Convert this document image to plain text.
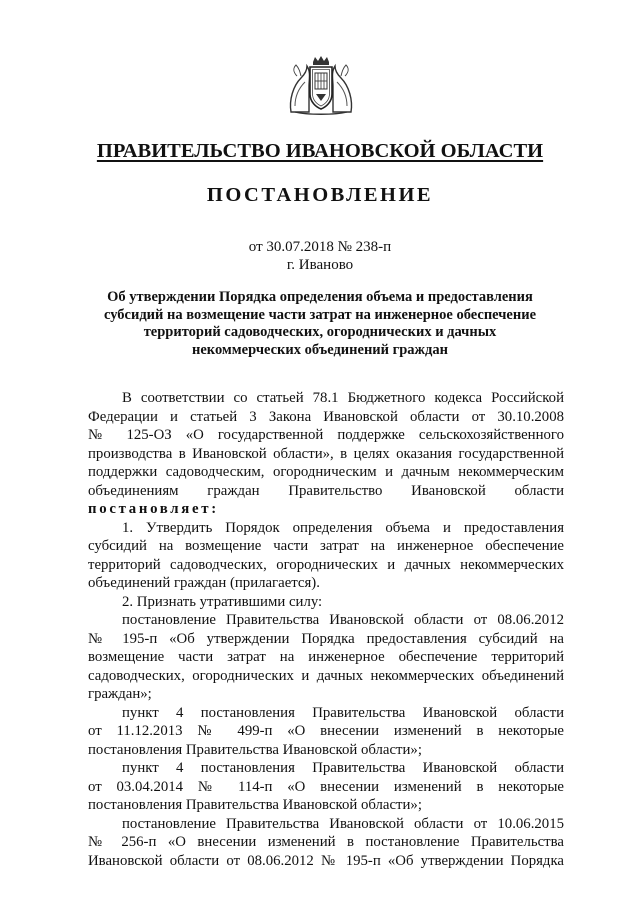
ПРАВИТЕЛЬСТВО ИВАНОВСКОЙ ОБЛАСТИ
ПОСТАНОВЛЕНИЕ
от 30.07.2018 № 238-п
г. Иваново
Об утверждении Порядка определения объема и предоставления
субсидий на возмещение части затрат на инженерное обеспечение
территорий садоводческих, огороднических и дачных
некоммерческих объединений граждан
В соответствии со статьей 78.1 Бюджетного кодекса Российской
Федерации и статьей 3 Закона Ивановской области от 30.10.2008
№ 125-ОЗ «О государственной поддержке сельскохозяйственного
производства в Ивановской области», в целях оказания государственной
поддержки садоводческим, огородническим и дачным некоммерческим
объединениям граждан Правительство Ивановской области
постановляет:
1. Утвердить Порядок определения объема и предоставления
субсидий на возмещение части затрат на инженерное обеспечение
территорий садоводческих, огороднических и дачных некоммерческих
объединений граждан (прилагается).
2. Признать утратившими силу:
постановление Правительства Ивановской области от 08.06.2012
№ 195-п «Об утверждении Порядка предоставления субсидий на
возмещение части затрат на инженерное обеспечение территорий
садоводческих, огороднических и дачных некоммерческих объединений
граждан»;
пункт 4 постановления Правительства Ивановской области
от 11.12.2013 № 499-п «О внесении изменений в некоторые
постановления Правительства Ивановской области»;
пункт 4 постановления Правительства Ивановской области
от 03.04.2014 № 114-п «О внесении изменений в некоторые
постановления Правительства Ивановской области»;
постановление Правительства Ивановской области от 10.06.2015
№ 256-п «О внесении изменений в постановление Правительства
Ивановской области от 08.06.2012 № 195-п «Об утверждении Порядка
